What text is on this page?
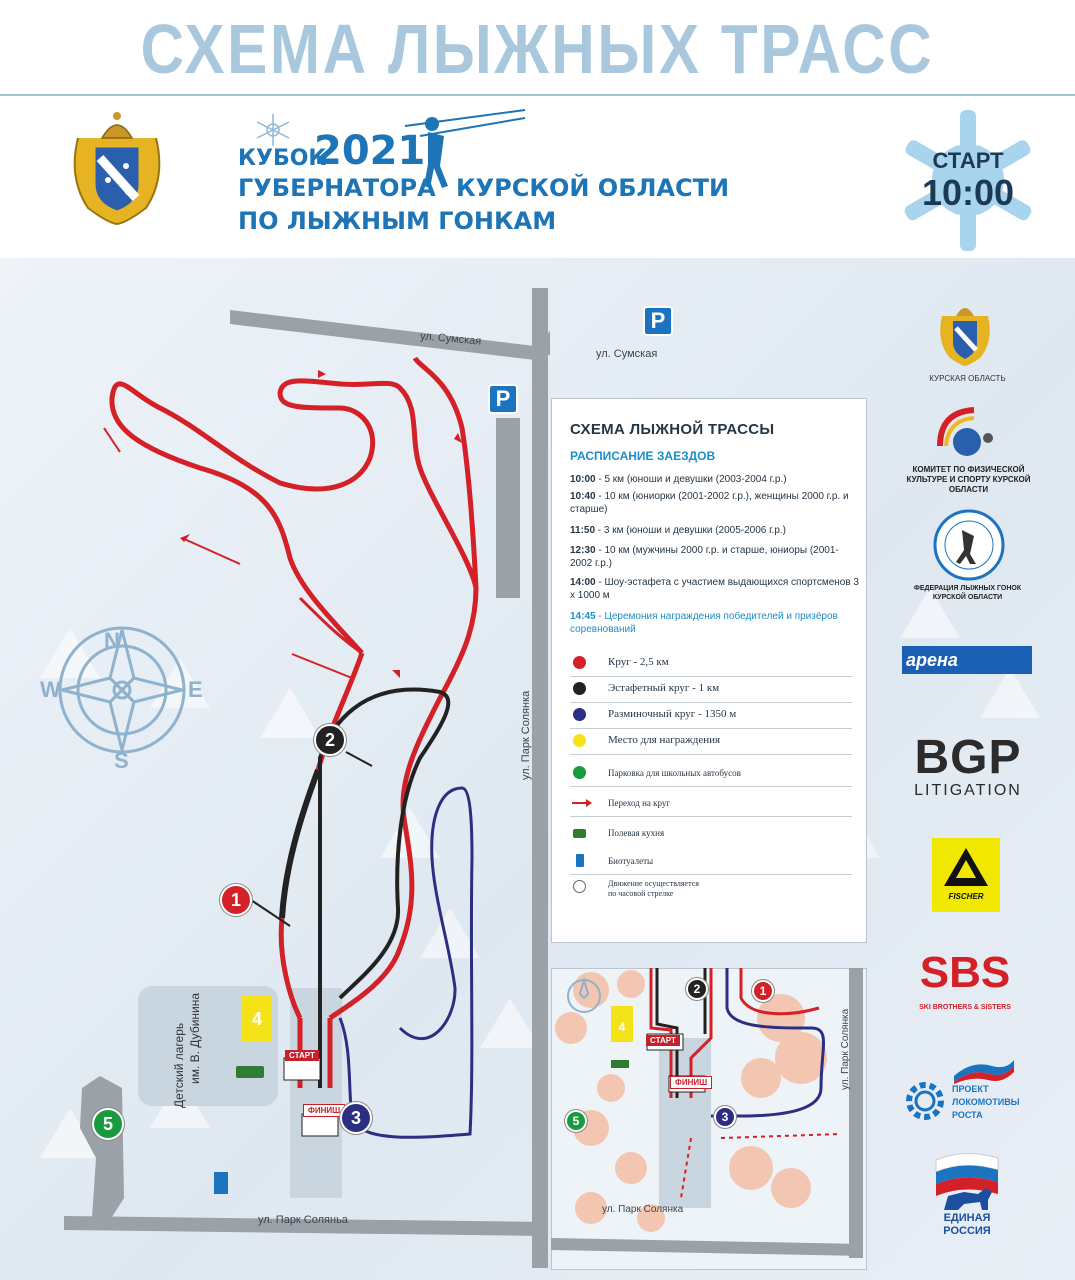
СХЕМА ЛЫЖНЫХ ТРАСС
КУБОК
2021
ГУБЕРНАТОРА КУРСКОЙ ОБЛАСТИ
ПО ЛЫЖНЫМ ГОНКАМ
СТАРТ
10:00
ул. Сумская
ул. Сумская
ул. Парк Солянка
ул. Парк Соляньа
P
P
Детский лагерь им. В. Дубинина	СТАРТ
ФИНИШ
N
S
W	E
1
2
3
4
5
СХЕМА ЛЫЖНОЙ ТРАССЫ
РАСПИСАНИЕ ЗАЕЗДОВ
10:00 - 5 км (юноши и девушки (2003-2004 г.р.)
10:40 - 10 км (юниорки (2001-2002 г.р.), женщины 2000 г.р. и старше)
11:50 - 3 км (юноши и девушки (2005-2006 г.р.)
12:30 - 10 км (мужчины 2000 г.р. и старше, юниоры (2001-2002 г.р.)
14:00 - Шоу-эстафета с участием выдающихся спортсменов 3 х 1000 м
14:45 - Церемония награждения победителей и призёров соревнований
Круг - 2,5 км
Эстафетный круг - 1 км
Разминочный круг - 1350 м
Место для награждения
Парковка для школьных автобусов
Переход на круг
Полевая кухня
Биотуалеты
Движение осуществляется по часовой стрелке
ул. Парк Солянка
ул. Парк Солянка
СТАРТ
ФИНИШ
2	1
3
4
5
КУРСКАЯ ОБЛАСТЬ
КОМИТЕТ ПО ФИЗИЧЕСКОЙ КУЛЬТУРЕ И СПОРТУ КУРСКОЙ ОБЛАСТИ
ФЕДЕРАЦИЯ ЛЫЖНЫХ ГОНОК КУРСКОЙ ОБЛАСТИ
арена
BGP
LITIGATION
FISCHER
SBS
SKI BROTHERS & SISTERS
ПРОЕКТ
ЛОКОМОТИВЫ
РОСТА
ЕДИНАЯ
РОССИЯ
